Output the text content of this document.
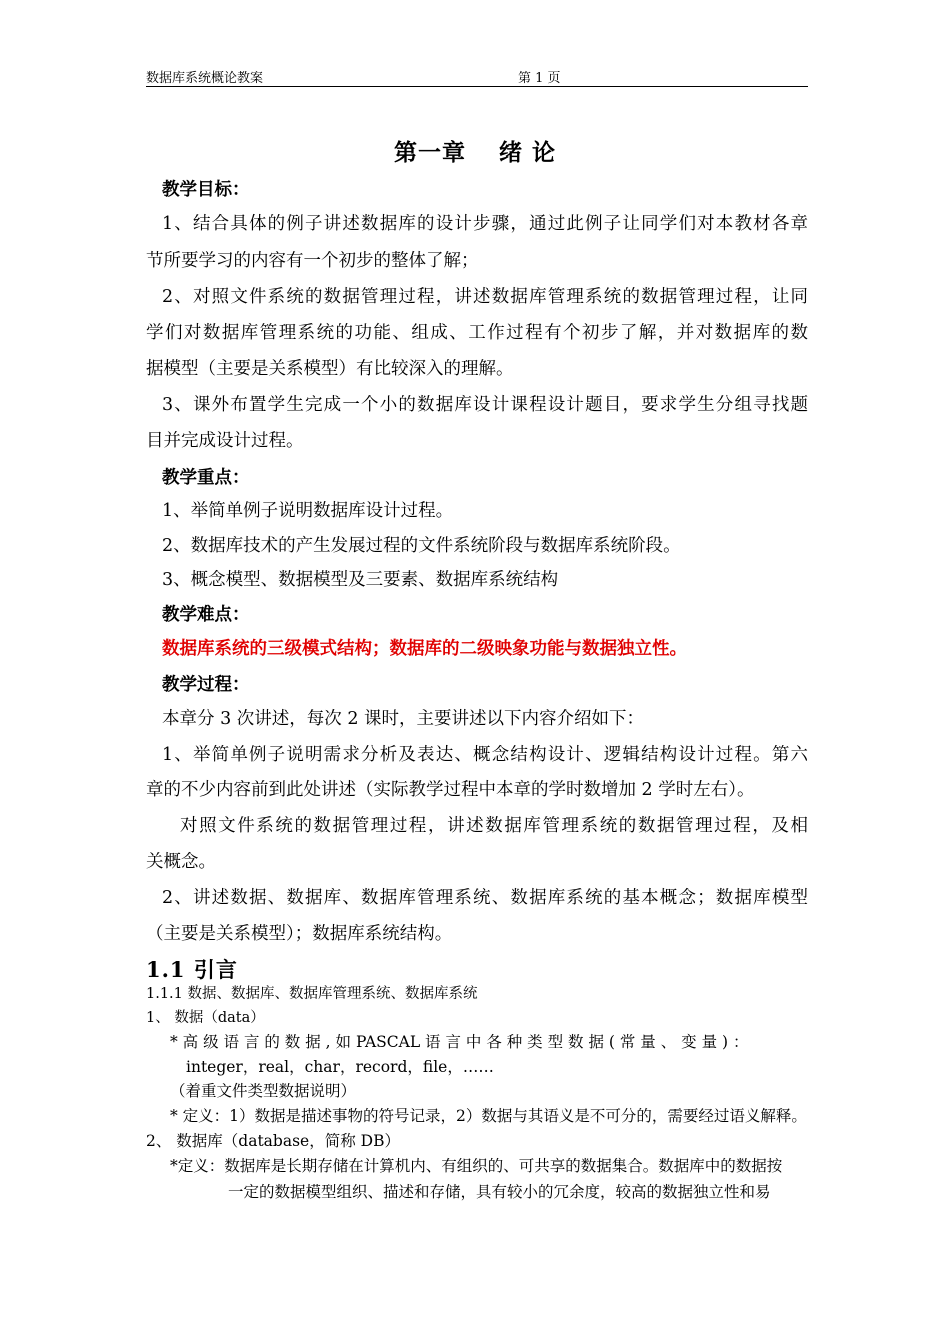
数据库系统概论教案	第 1 页
第一章　 绪 论
教学目标：
1、结合具体的例子讲述数据库的设计步骤，通过此例子让同学们对本教材各章
节所要学习的内容有一个初步的整体了解；
2、对照文件系统的数据管理过程，讲述数据库管理系统的数据管理过程，让同
学们对数据库管理系统的功能、组成、工作过程有个初步了解，并对数据库的数
据模型（主要是关系模型）有比较深入的理解。
3、课外布置学生完成一个小的数据库设计课程设计题目，要求学生分组寻找题
目并完成设计过程。
教学重点：
1、举简单例子说明数据库设计过程。
2、数据库技术的产生发展过程的文件系统阶段与数据库系统阶段。
3、概念模型、数据模型及三要素、数据库系统结构
教学难点：
数据库系统的三级模式结构；数据库的二级映象功能与数据独立性。
教学过程：
本章分 3 次讲述，每次 2 课时，主要讲述以下内容介绍如下：
1、举简单例子说明需求分析及表达、概念结构设计、逻辑结构设计过程。第六
章的不少内容前到此处讲述（实际教学过程中本章的学时数增加 2 学时左右）。
对照文件系统的数据管理过程，讲述数据库管理系统的数据管理过程，及相
关概念。
2、讲述数据、数据库、数据库管理系统、数据库系统的基本概念；数据库模型
（主要是关系模型）；数据库系统结构。
1.1 引言
1.1.1 数据、数据库、数据库管理系统、数据库系统
1、 数据（data）
* 高 级 语 言 的 数 据 , 如 PASCAL 语 言 中 各 种 类 型 数 据 ( 常 量 、 变 量 ) ：
integer，real，char，record，file，……
（着重文件类型数据说明）
* 定义：1）数据是描述事物的符号记录，2）数据与其语义是不可分的，需要经过语义解释。
2、 数据库（database，简称 DB）
*定义：数据库是长期存储在计算机内、有组织的、可共享的数据集合。数据库中的数据按
一定的数据模型组织、描述和存储，具有较小的冗余度，较高的数据独立性和易
